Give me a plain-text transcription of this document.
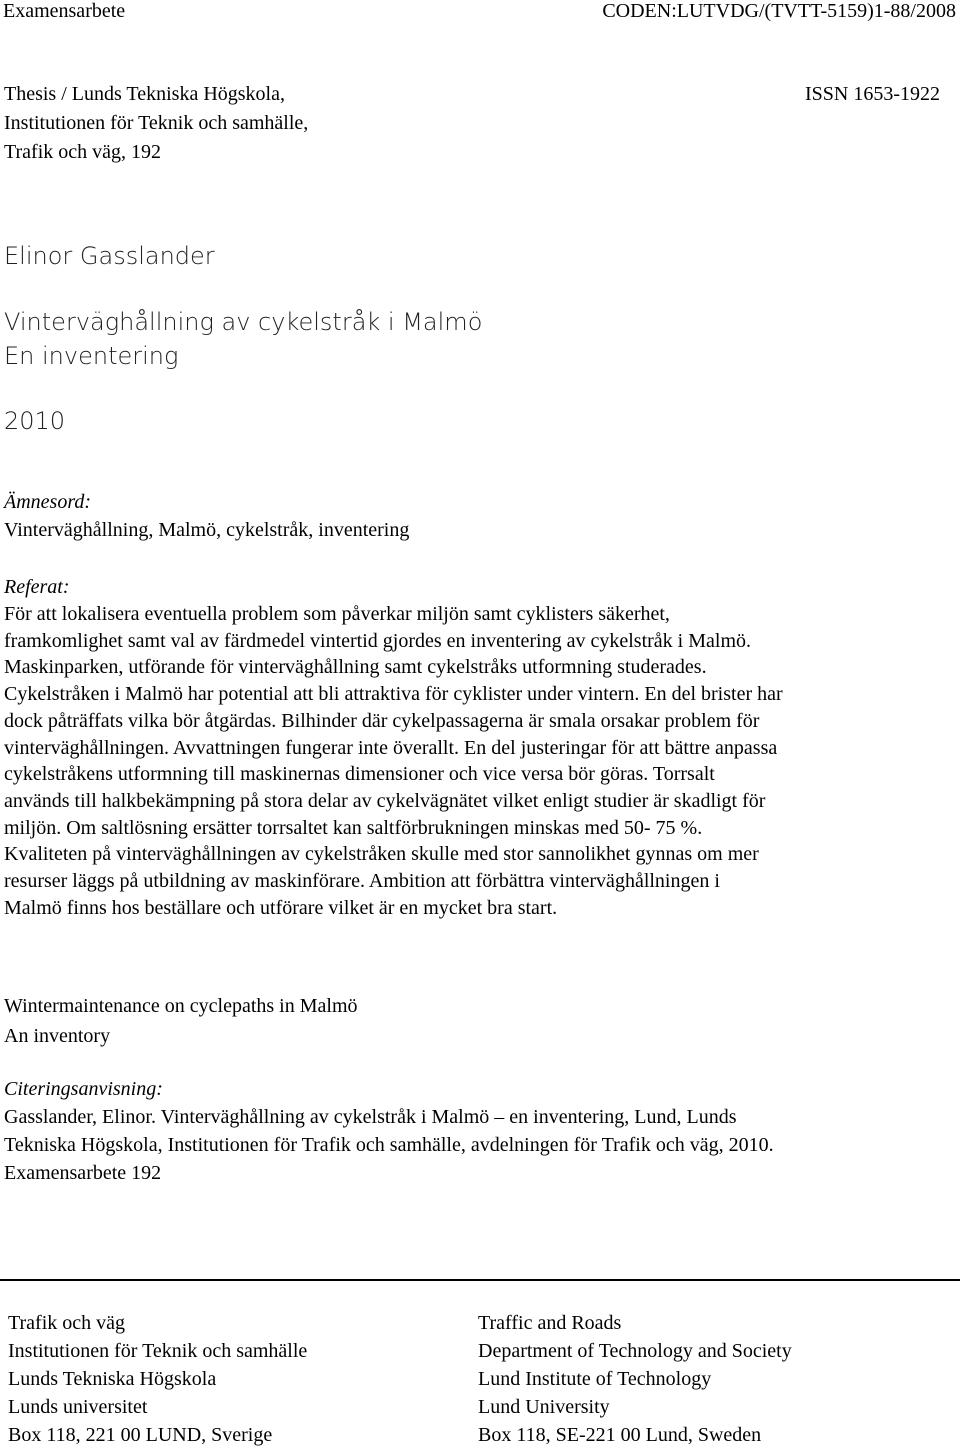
Examensarbete	CODEN:LUTVDG/(TVTT-5159)1-88/2008
Thesis / Lunds Tekniska Högskola,
Institutionen för Teknik och samhälle,
Trafik och väg, 192
ISSN 1653-1922
Elinor Gasslander
Vinterväghållning av cykelstråk i Malmö
En inventering
2010
Ämnesord:
Vinterväghållning, Malmö, cykelstråk, inventering
Referat:
För att lokalisera eventuella problem som påverkar miljön samt cyklisters säkerhet,
framkomlighet samt val av färdmedel vintertid gjordes en inventering av cykelstråk i Malmö.
Maskinparken, utförande för vinterväghållning samt cykelstråks utformning studerades.
Cykelstråken i Malmö har potential att bli attraktiva för cyklister under vintern. En del brister har
dock påträffats vilka bör åtgärdas. Bilhinder där cykelpassagerna är smala orsakar problem för
vinterväghållningen. Avvattningen fungerar inte överallt. En del justeringar för att bättre anpassa
cykelstråkens utformning till maskinernas dimensioner och vice versa bör göras. Torrsalt
används till halkbekämpning på stora delar av cykelvägnätet vilket enligt studier är skadligt för
miljön. Om saltlösning ersätter torrsaltet kan saltförbrukningen minskas med 50- 75 %.
Kvaliteten på vinterväghållningen av cykelstråken skulle med stor sannolikhet gynnas om mer
resurser läggs på utbildning av maskinförare. Ambition att förbättra vinterväghållningen i
Malmö finns hos beställare och utförare vilket är en mycket bra start.
Wintermaintenance on cyclepaths in Malmö
An inventory
Citeringsanvisning:
Gasslander, Elinor. Vinterväghållning av cykelstråk i Malmö – en inventering, Lund, Lunds
Tekniska Högskola, Institutionen för Trafik och samhälle, avdelningen för Trafik och väg, 2010.
Examensarbete 192
Trafik och väg
Institutionen för Teknik och samhälle
Lunds Tekniska Högskola
Lunds universitet
Box 118, 221 00 LUND, Sverige
Traffic and Roads
Department of Technology and Society
Lund Institute of Technology
Lund University
Box 118, SE-221 00 Lund, Sweden
